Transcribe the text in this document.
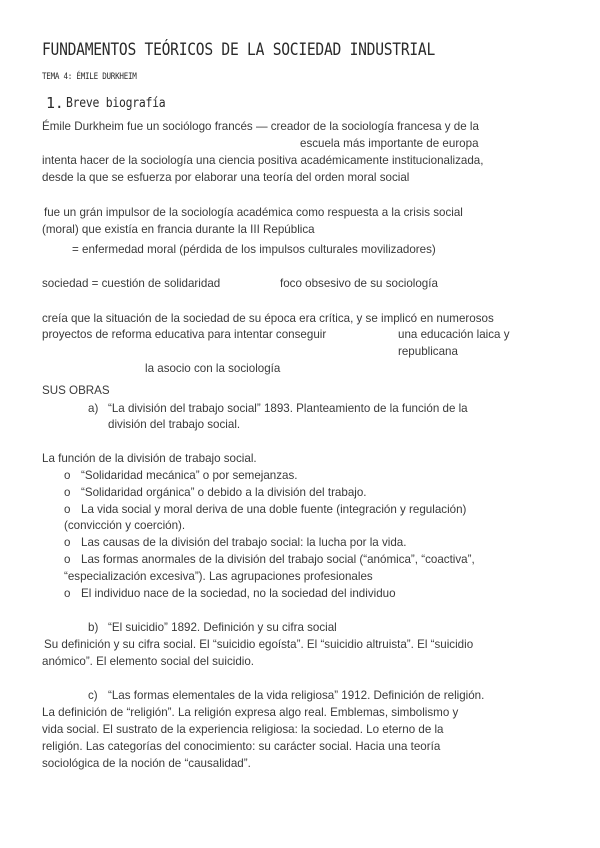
FUNDAMENTOS TEÓRICOS DE LA SOCIEDAD INDUSTRIAL
TEMA 4: ÉMILE DURKHEIM
1. Breve biografía
Émile Durkheim fue un sociólogo francés — creador de la sociología francesa y de la
escuela más importante de europa
intenta hacer de la sociología una ciencia positiva académicamente institucionalizada,
desde la que se esfuerza por elaborar una teoría del orden moral social
fue un grán impulsor de la sociología académica como respuesta a la crisis social
(moral) que existía en francia durante la III República
= enfermedad moral (pérdida de los impulsos culturales movilizadores)
sociedad = cuestión de solidaridad	foco obsesivo de su sociología
creía que la situación de la sociedad de su época era crítica, y se implicó en numerosos
proyectos de reforma educativa para intentar conseguir	una educación laica y
republicana
la asocio con la sociología
SUS OBRAS
a) “La división del trabajo social” 1893. Planteamiento de la función de la
división del trabajo social.
La función de la división de trabajo social.
o “Solidaridad mecánica” o por semejanzas.
o “Solidaridad orgánica” o debido a la división del trabajo.
o La vida social y moral deriva de una doble fuente (integración y regulación)
(convicción y coerción).
o Las causas de la división del trabajo social: la lucha por la vida.
o Las formas anormales de la división del trabajo social (“anómica”, “coactiva”,
“especialización excesiva”). Las agrupaciones profesionales
o El individuo nace de la sociedad, no la sociedad del individuo
b) “El suicidio” 1892. Definición y su cifra social
Su definición y su cifra social. El “suicidio egoísta”. El “suicidio altruista”. El “suicidio
anómico”. El elemento social del suicidio.
c) “Las formas elementales de la vida religiosa” 1912. Definición de religión.
La definición de “religión”. La religión expresa algo real. Emblemas, simbolismo y
vida social. El sustrato de la experiencia religiosa: la sociedad. Lo eterno de la
religión. Las categorías del conocimiento: su carácter social. Hacia una teoría
sociológica de la noción de “causalidad”.
